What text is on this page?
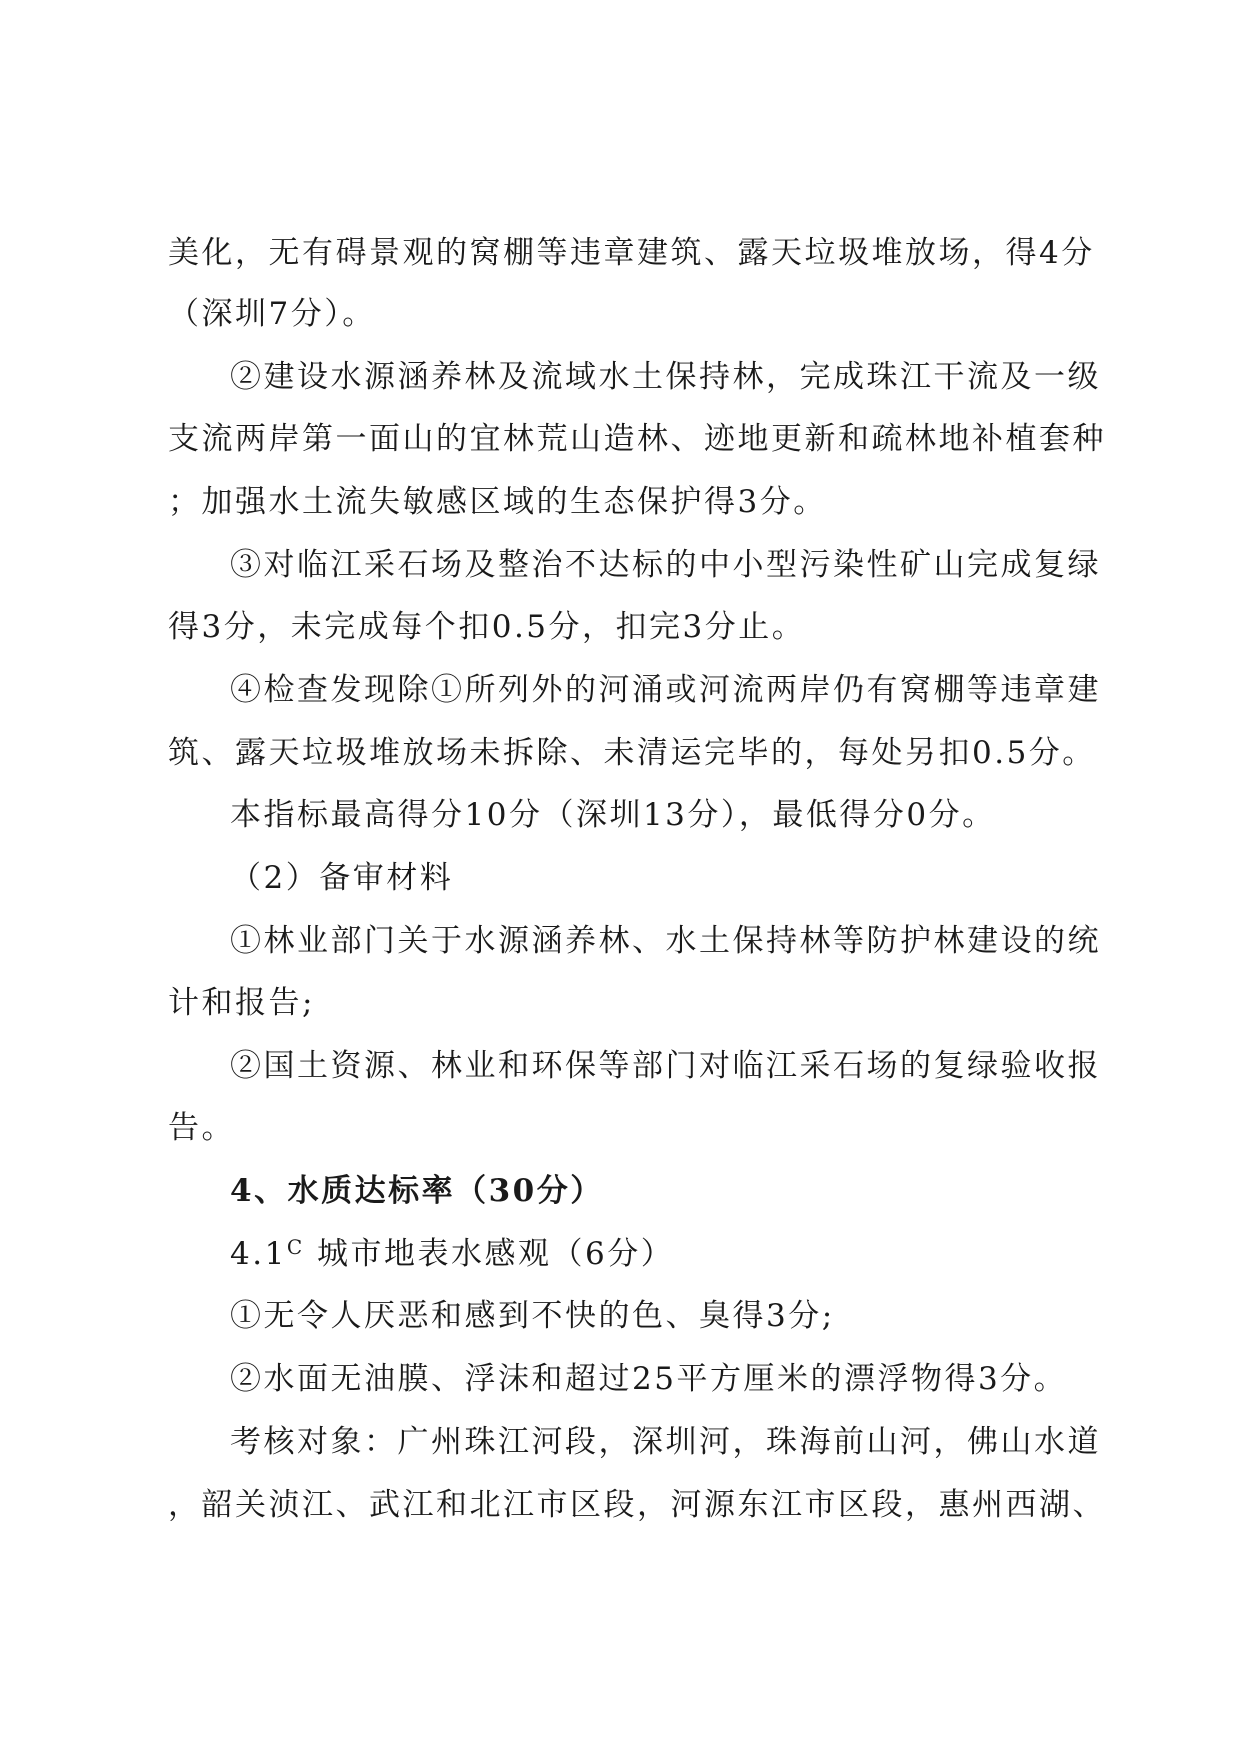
美化，无有碍景观的窝棚等违章建筑、露天垃圾堆放场，得4分
（深圳7分）。
②建设水源涵养林及流域水土保持林，完成珠江干流及一级
支流两岸第一面山的宜林荒山造林、迹地更新和疏林地补植套种
；加强水土流失敏感区域的生态保护得3分。
③对临江采石场及整治不达标的中小型污染性矿山完成复绿
得3分，未完成每个扣0.5分，扣完3分止。
④检查发现除①所列外的河涌或河流两岸仍有窝棚等违章建
筑、露天垃圾堆放场未拆除、未清运完毕的，每处另扣0.5分。
本指标最高得分10分（深圳13分），最低得分0分。
（2）备审材料
①林业部门关于水源涵养林、水土保持林等防护林建设的统
计和报告;
②国土资源、林业和环保等部门对临江采石场的复绿验收报
告。
4、水质达标率（30分）
$4.1^C$ 城市地表水感观（6分）
①无令人厌恶和感到不快的色、臭得3分;
②水面无油膜、浮沫和超过25平方厘米的漂浮物得3分。
考核对象：广州珠江河段，深圳河，珠海前山河，佛山水道
，韶关浈江、武江和北江市区段，河源东江市区段，惠州西湖、
